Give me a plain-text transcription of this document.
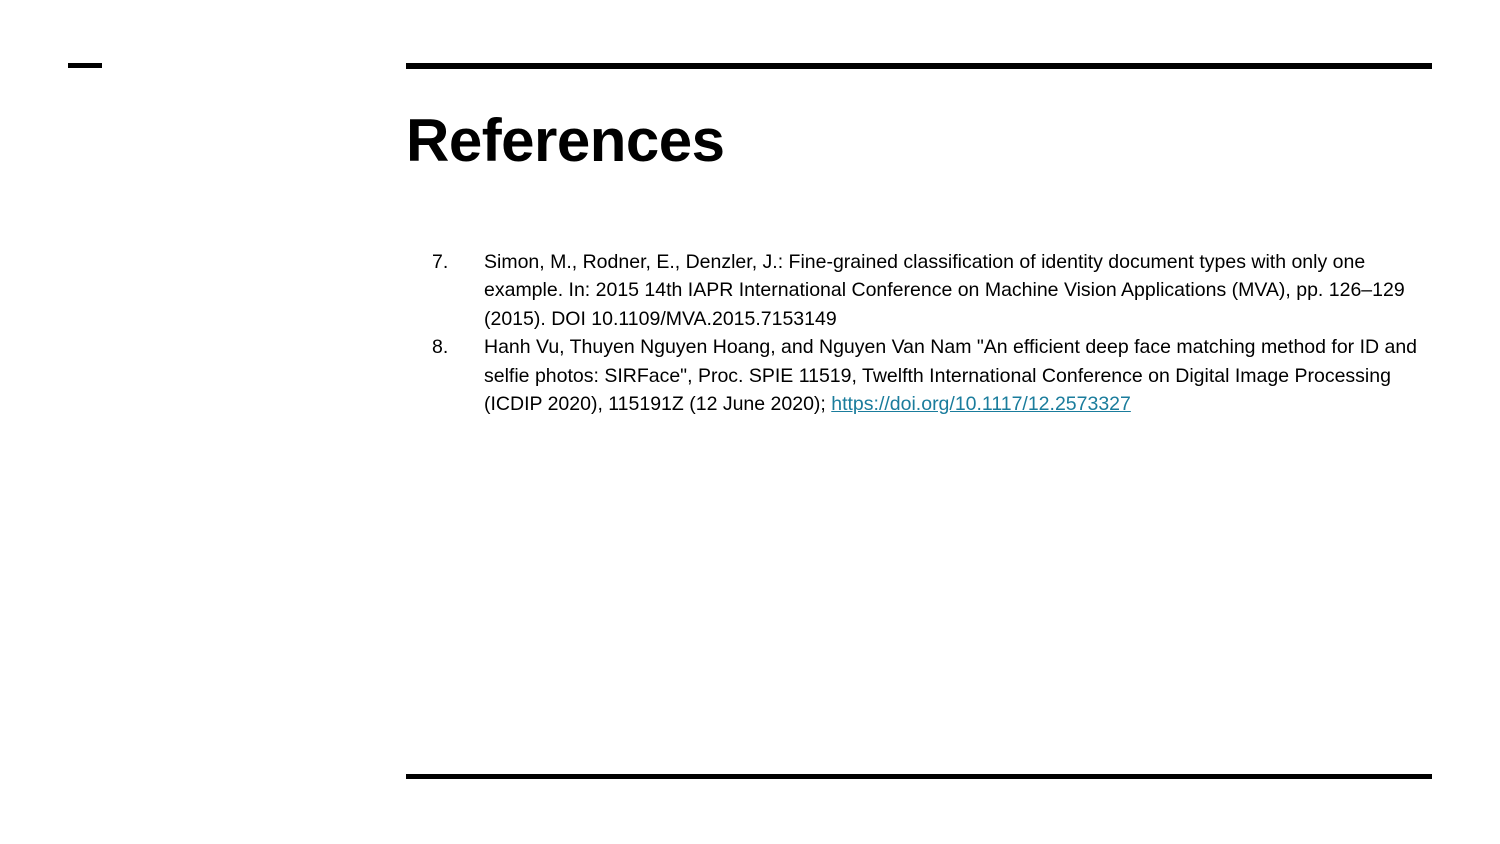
References
7.	Simon, M., Rodner, E., Denzler, J.: Fine-grained classification of identity document types with only one example. In: 2015 14th IAPR International Conference on Machine Vision Applications (MVA), pp. 126–129 (2015). DOI 10.1109/MVA.2015.7153149
8.	Hanh Vu, Thuyen Nguyen Hoang, and Nguyen Van Nam "An efficient deep face matching method for ID and selfie photos: SIRFace", Proc. SPIE 11519, Twelfth International Conference on Digital Image Processing (ICDIP 2020), 115191Z (12 June 2020); https://doi.org/10.1117/12.2573327
